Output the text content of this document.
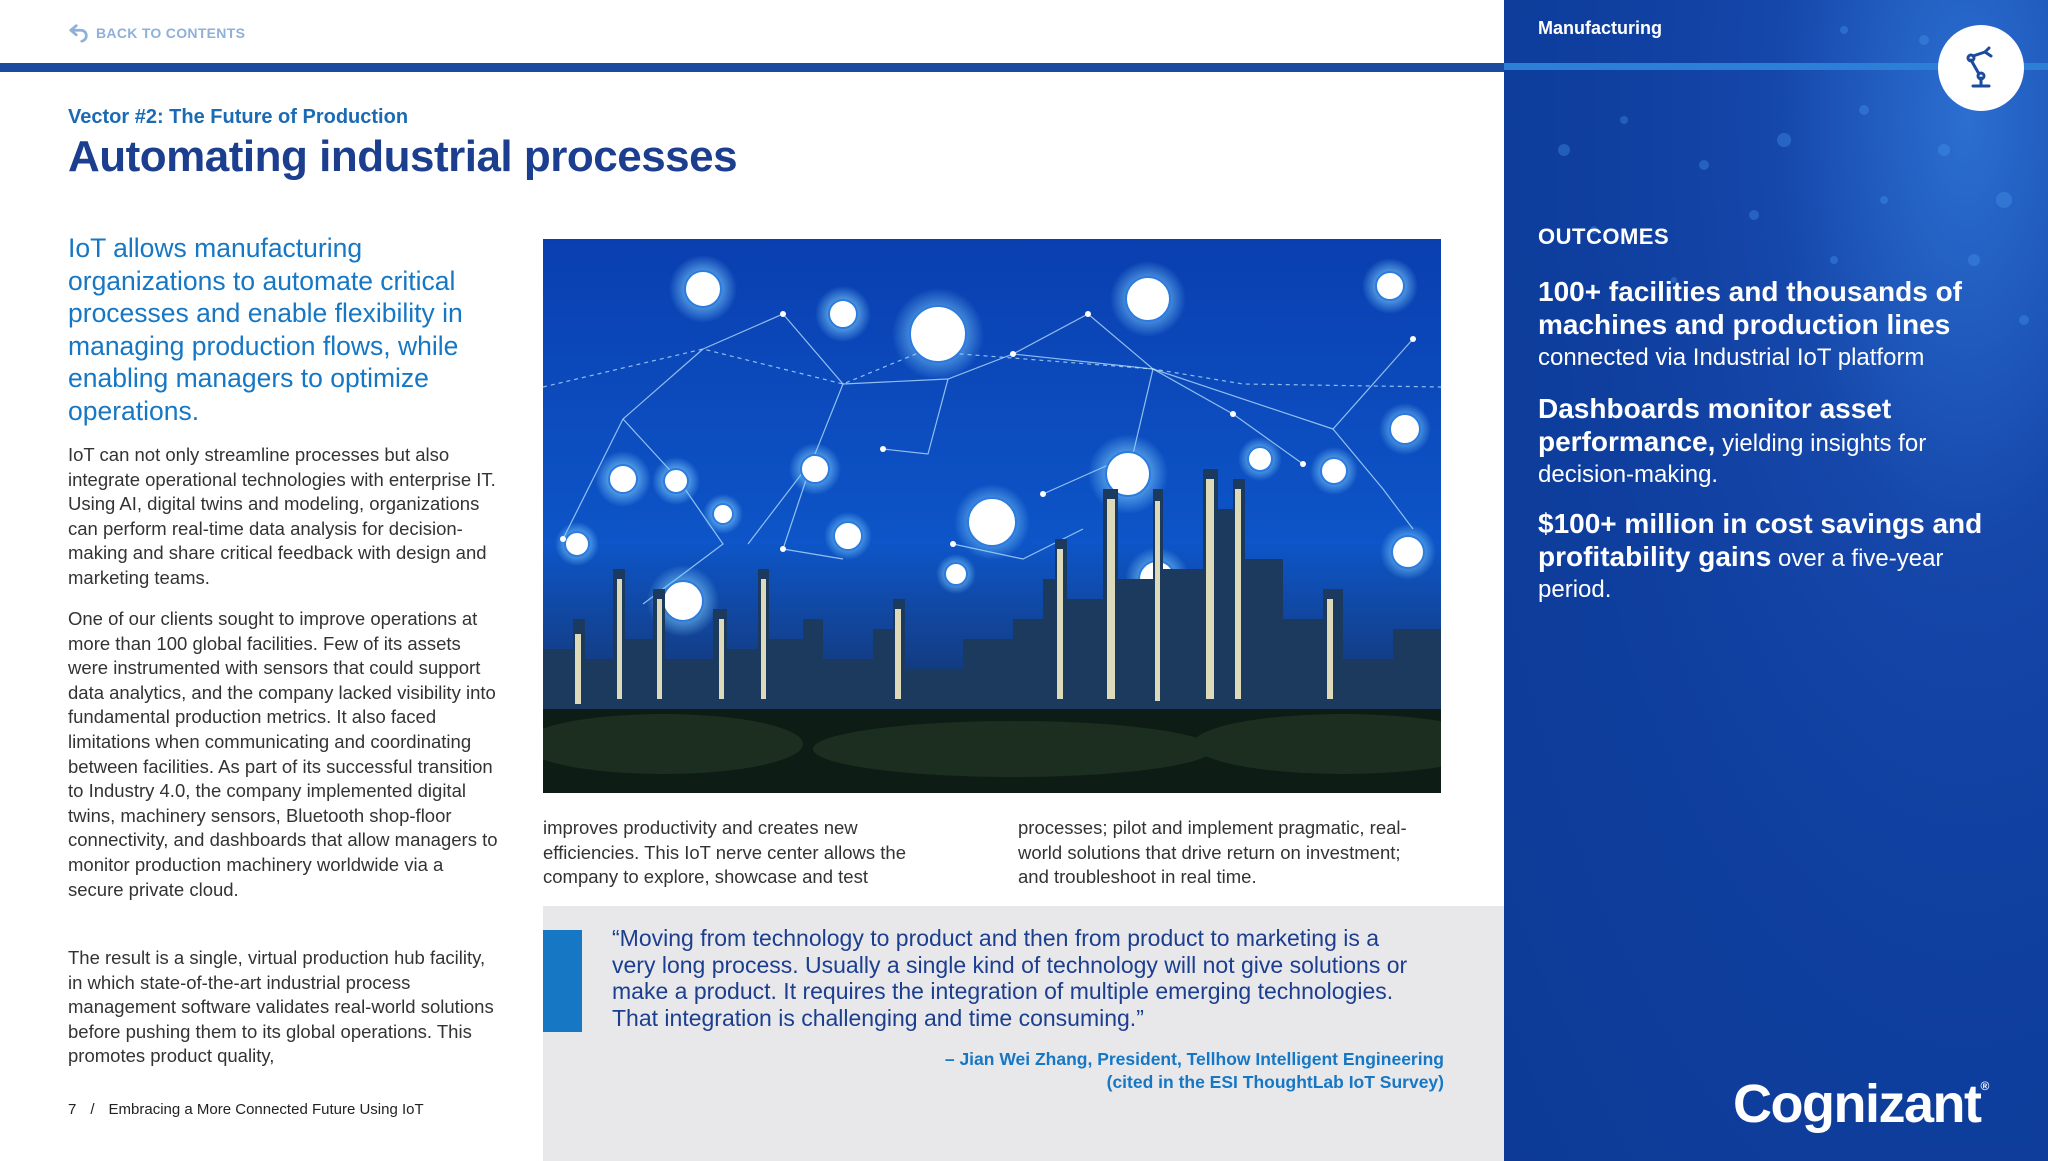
BACK TO CONTENTS
Vector #2: The Future of Production
Automating industrial processes
IoT allows manufacturing organizations to automate critical processes and enable flexibility in managing production flows, while enabling managers to optimize operations.

IoT can not only streamline processes but also integrate operational technologies with enterprise IT. Using AI, digital twins and modeling, organizations can perform real-time data analysis for decision-making and share critical feedback with design and marketing teams.

One of our clients sought to improve operations at more than 100 global facilities. Few of its assets were instrumented with sensors that could support data analytics, and the company lacked visibility into fundamental production metrics. It also faced limitations when communicating and coordinating between facilities. As part of its successful transition to Industry 4.0, the company implemented digital twins, machinery sensors, Bluetooth shop-floor connectivity, and dashboards that allow managers to monitor production machinery worldwide via a secure private cloud.

The result is a single, virtual production hub facility, in which state-of-the-art industrial process management software validates real-world solutions before pushing them to its global operations. This promotes product quality,

improves productivity and creates new efficiencies. This IoT nerve center allows the company to explore, showcase and test
processes; pilot and implement pragmatic, real-world solutions that drive return on investment; and troubleshoot in real time.
“Moving from technology to product and then from product to marketing is a very long process. Usually a single kind of technology will not give solutions or make a product. It requires the integration of multiple emerging technologies. That integration is challenging and time consuming.”
– Jian Wei Zhang, President, Tellhow Intelligent Engineering
(cited in the ESI ThoughtLab IoT Survey)
7 / Embracing a More Connected Future Using IoT
Manufacturing
OUTCOMES
100+ facilities and thousands of machines and production lines
connected via Industrial IoT platform
Dashboards monitor asset performance, yielding insights for decision-making.
$100+ million in cost savings and profitability gains over a five-year period.
Cognizant®
